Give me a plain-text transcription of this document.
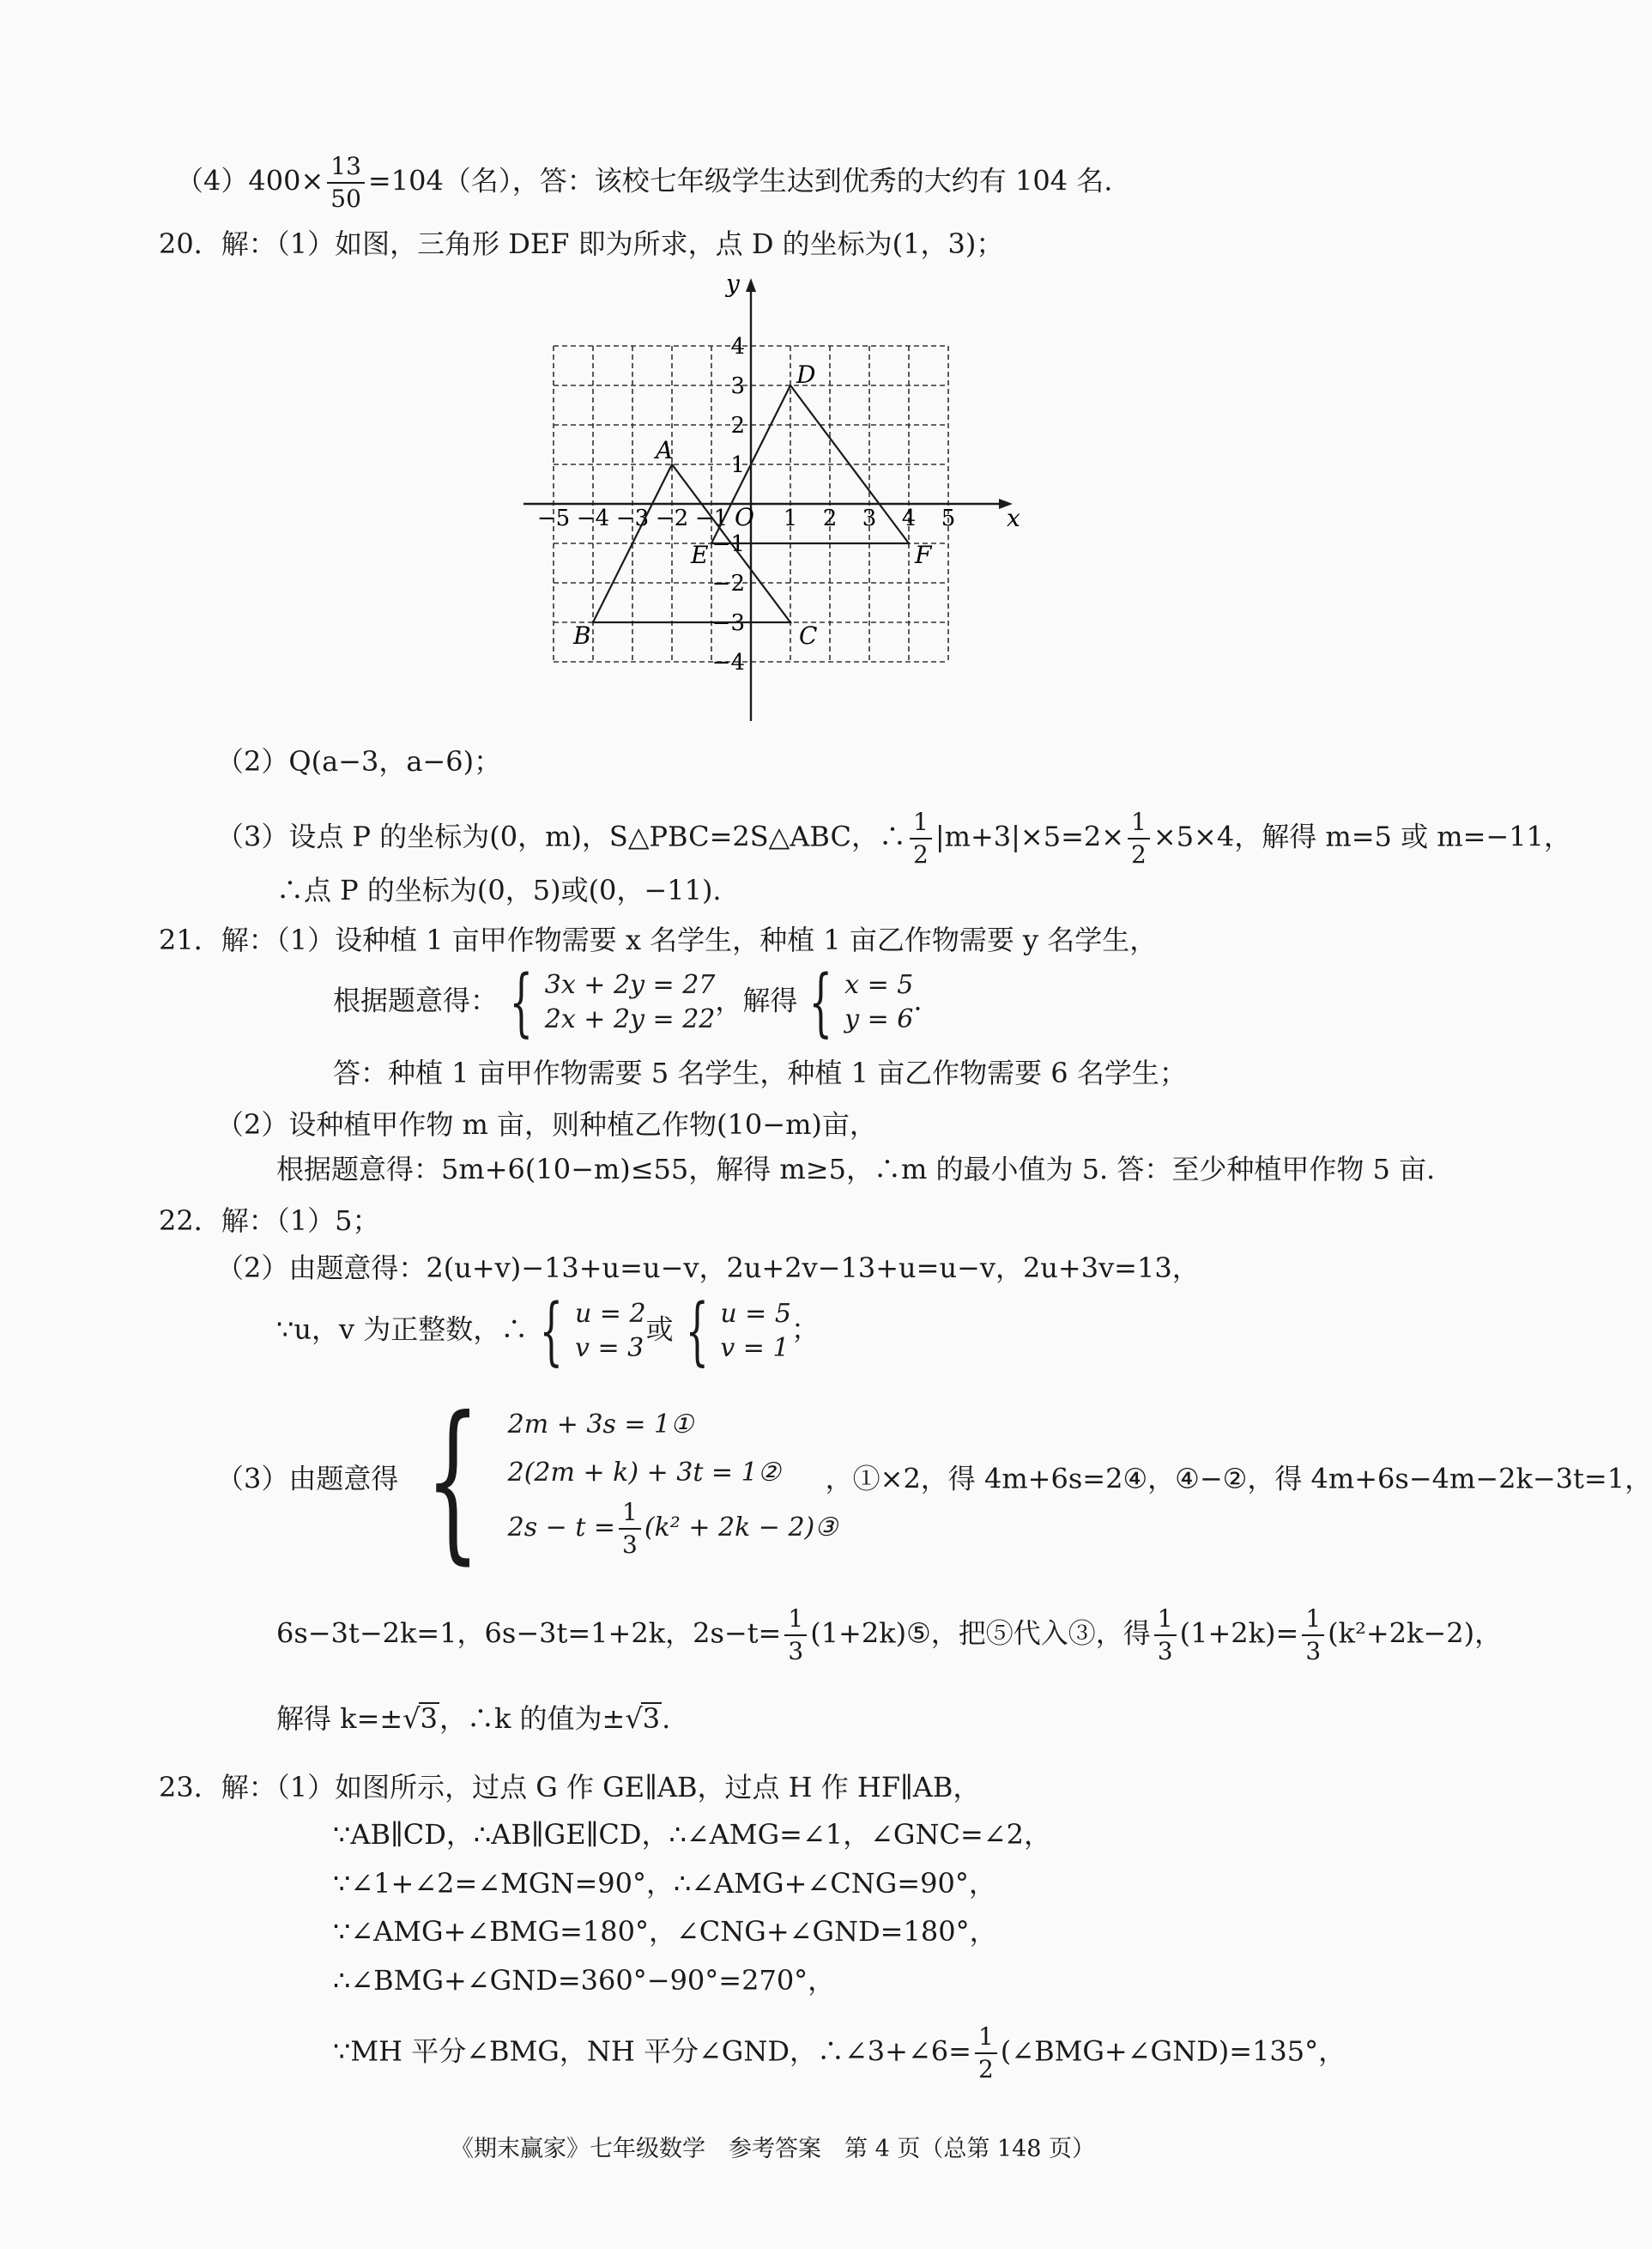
$(4)400\times \frac{13}{50} =104$（名），答：该校七年级学生达到优秀的大约有 104 名.
20．解：（1）如图，三角形 DEF 即为所求，点 D 的坐标为(1，3)；
x
y
O
−5 −4 −3 −2 −1 1 2 3 4 5
4
3
2
1
−1
−2
−3
−4
A
B	C
D
E	F
（2）Q(a−3，a−6)；
（3）设点 P 的坐标为(0，m)，S△PBC=2S△ABC，∴ $\frac{1}{2} |m+3|\times 5=2\times \frac{1}{2} \times 5\times 4$，解得 m=5 或 m=−11，
∴点 P 的坐标为(0，5)或(0，−11).
21．解：（1）设种植 1 亩甲作物需要 x 名学生，种植 1 亩乙作物需要 y 名学生，
根据题意得： { 3x + 2y = 27
2x + 2y = 22，解得 { x = 5
y = 6.
答：种植 1 亩甲作物需要 5 名学生，种植 1 亩乙作物需要 6 名学生；
（2）设种植甲作物 m 亩，则种植乙作物(10−m)亩，
根据题意得：5m+6(10−m)≤55，解得 m≥5，∴m 的最小值为 5. 答：至少种植甲作物 5 亩.
22．解：（1）5；
（2）由题意得：2(u+v)−13+u=u−v，2u+2v−13+u=u−v，2u+3v=13，
∵u，v 为正整数，∴ { u = 2
v = 3或 { u = 5
v = 1；
（3）由题意得 { 2m + 3s = 1①
2(2m + k) + 3t = 1②
$2s - t = \frac{1}{3} (k^2 + 2k$ − 2)③，①×2，得 4m+6s=2④，④−②，得 4m+6s−4m−2k−3t=1，
6s−3t−2k=1，6s−3t=1+2k，$2s-t= \frac{1}{3}$ (1+2k)⑤，把⑤代入③，得 $\frac{1}{3} (1+2k)= \frac{1}{3} (k^2+2k-2)$，
解得 k=±√3，∴k 的值为±√3.
23．解：（1）如图所示，过点 G 作 GE∥AB，过点 H 作 HF∥AB，
∵AB∥CD，∴AB∥GE∥CD，∴∠AMG=∠1，∠GNC=∠2，
∵∠1+∠2=∠MGN=90°，∴∠AMG+∠CNG=90°，
∵∠AMG+∠BMG=180°，∠CNG+∠GND=180°，
∴∠BMG+∠GND=360°−90°=270°，
∵MH 平分∠BMG，NH 平分∠GND，∴∠3+∠6= $\frac{1}{2}$ (∠BMG+∠GND)=135°，
《期末赢家》七年级数学　参考答案　第 4 页（总第 148 页）
